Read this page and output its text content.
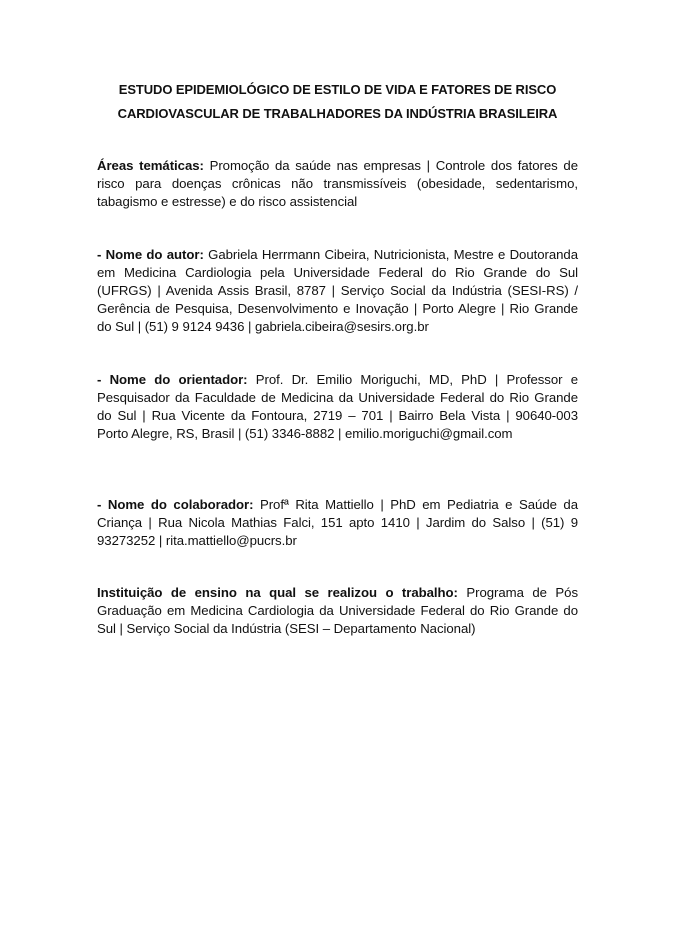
ESTUDO EPIDEMIOLÓGICO DE ESTILO DE VIDA E FATORES DE RISCO
CARDIOVASCULAR DE TRABALHADORES DA INDÚSTRIA BRASILEIRA
Áreas temáticas: Promoção da saúde nas empresas | Controle dos fatores de risco para doenças crônicas não transmissíveis (obesidade, sedentarismo, tabagismo e estresse) e do risco assistencial
- Nome do autor: Gabriela Herrmann Cibeira, Nutricionista, Mestre e Doutoranda em Medicina Cardiologia pela Universidade Federal do Rio Grande do Sul (UFRGS) | Avenida Assis Brasil, 8787 | Serviço Social da Indústria (SESI-RS) / Gerência de Pesquisa, Desenvolvimento e Inovação | Porto Alegre | Rio Grande do Sul | (51) 9 9124 9436 | gabriela.cibeira@sesirs.org.br
- Nome do orientador: Prof. Dr. Emilio Moriguchi, MD, PhD | Professor e Pesquisador da Faculdade de Medicina da Universidade Federal do Rio Grande do Sul | Rua Vicente da Fontoura, 2719 – 701 | Bairro Bela Vista | 90640-003 Porto Alegre, RS, Brasil | (51) 3346-8882 | emilio.moriguchi@gmail.com
- Nome do colaborador: Profª Rita Mattiello | PhD em Pediatria e Saúde da Criança | Rua Nicola Mathias Falci, 151 apto 1410 | Jardim do Salso | (51) 9 93273252 | rita.mattiello@pucrs.br
Instituição de ensino na qual se realizou o trabalho: Programa de Pós Graduação em Medicina Cardiologia da Universidade Federal do Rio Grande do Sul | Serviço Social da Indústria (SESI – Departamento Nacional)
